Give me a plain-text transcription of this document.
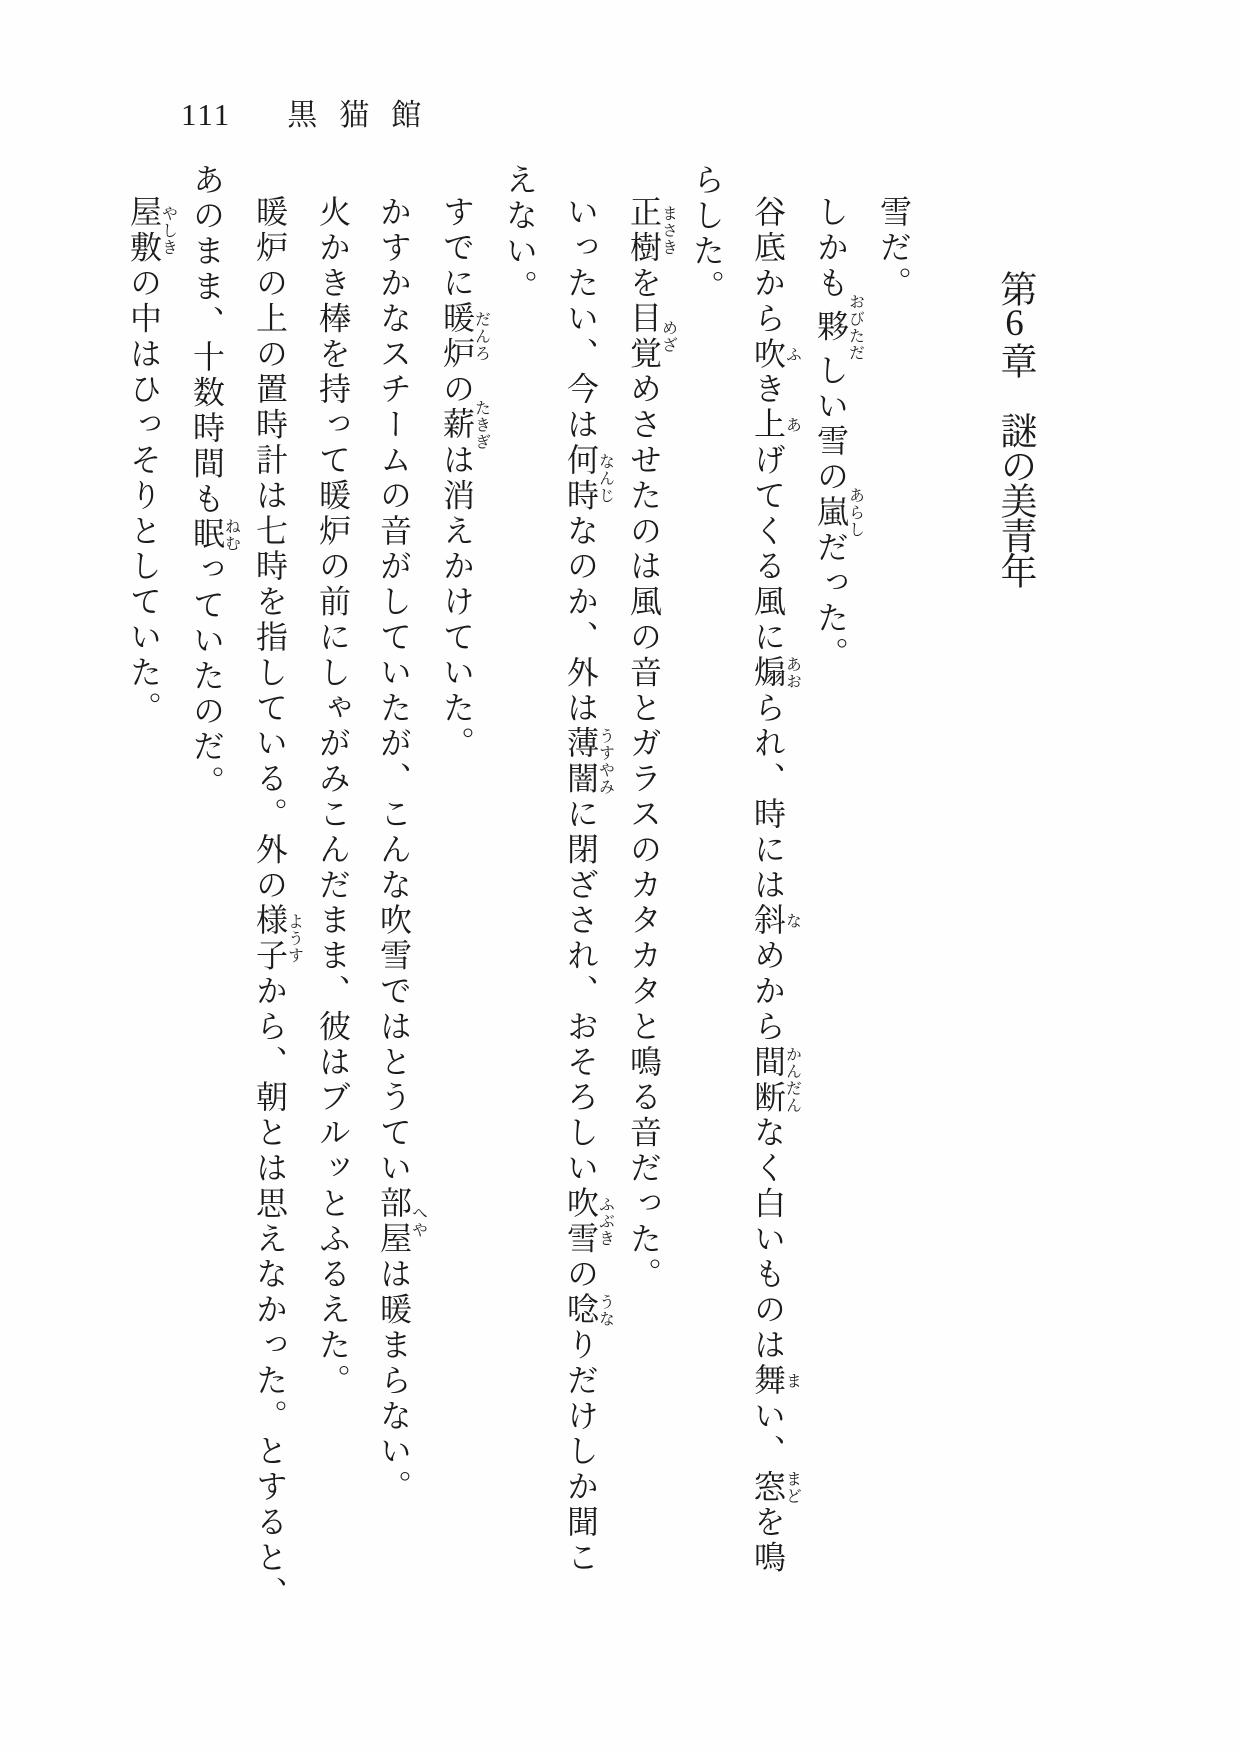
111 黒猫館
第6章　謎の美青年
雪だ。
しかも夥おびただしい雪の嵐あらしだった。
谷底から吹ふき上あげてくる風に煽あおられ、時には斜なめから間断かんだんなく白いものは舞まい、窓まどを鳴
らした。
正樹まさきを目覚めざめさせたのは風の音とガラスのカタカタと鳴る音だった。
いったい、今は何時なんじなのか、外は薄闇うすやみに閉ざされ、おそろしい吹雪ふぶきの唸うなりだけしか聞こ
えない。
すでに暖炉だんろの薪たきぎは消えかけていた。
かすかなスチームの音がしていたが、こんな吹雪ではとうてい部屋へやは暖まらない。
火かき棒を持って暖炉の前にしゃがみこんだまま、彼はブルッとふるえた。
暖炉の上の置時計は七時を指している。外の様子ようすから、朝とは思えなかった。とすると、
あのまま、十数時間も眠ねむっていたのだ。
屋敷やしきの中はひっそりとしていた。
